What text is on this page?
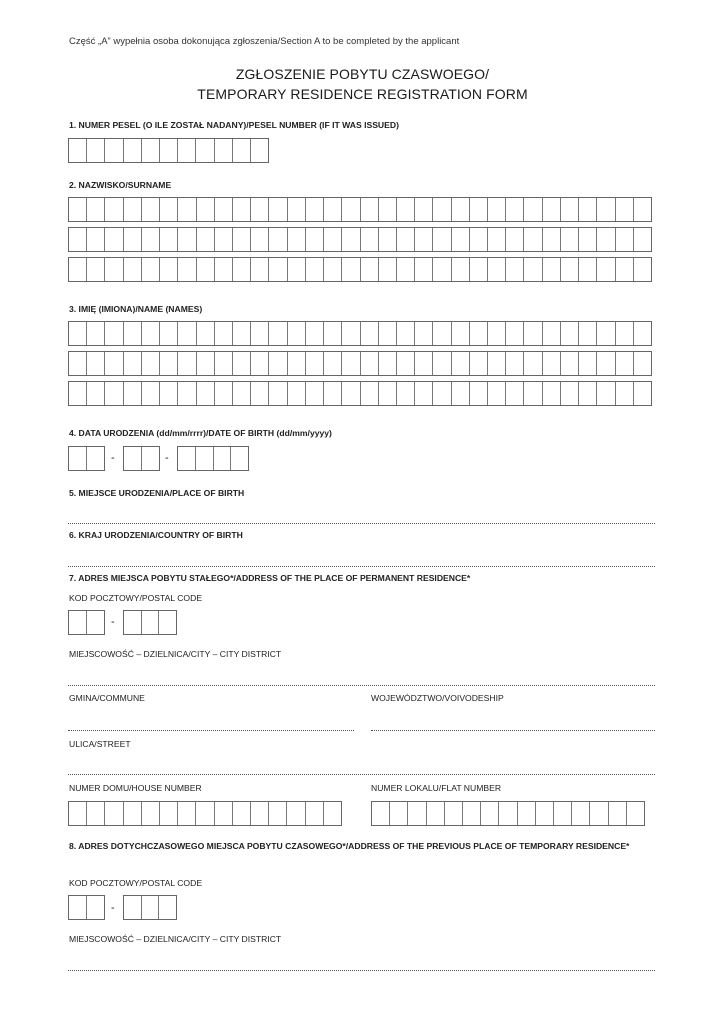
Część „A” wypełnia osoba dokonująca zgłoszenia/Section A to be completed by the applicant
ZGŁOSZENIE POBYTU CZASWOEGO/
TEMPORARY RESIDENCE REGISTRATION FORM
1. NUMER PESEL (O ILE ZOSTAŁ NADANY)/PESEL NUMBER (IF IT WAS ISSUED)
2. NAZWISKO/SURNAME
3. IMIĘ (IMIONA)/NAME (NAMES)
4. DATA URODZENIA (dd/mm/rrrr)/DATE OF BIRTH (dd/mm/yyyy)
-	-
5. MIEJSCE URODZENIA/PLACE OF BIRTH
6. KRAJ URODZENIA/COUNTRY OF BIRTH
7. ADRES MIEJSCA POBYTU STAŁEGO*/ADDRESS OF THE PLACE OF PERMANENT RESIDENCE*
KOD POCZTOWY/POSTAL CODE
-
MIEJSCOWOŚĆ – DZIELNICA/CITY – CITY DISTRICT
GMINA/COMMUNE	WOJEWÓDZTWO/VOIVODESHIP
ULICA/STREET
NUMER DOMU/HOUSE NUMBER	NUMER LOKALU/FLAT NUMBER
8. ADRES DOTYCHCZASOWEGO MIEJSCA POBYTU CZASOWEGO*/ADDRESS OF THE PREVIOUS PLACE OF TEMPORARY RESIDENCE*
KOD POCZTOWY/POSTAL CODE
-
MIEJSCOWOŚĆ – DZIELNICA/CITY – CITY DISTRICT
